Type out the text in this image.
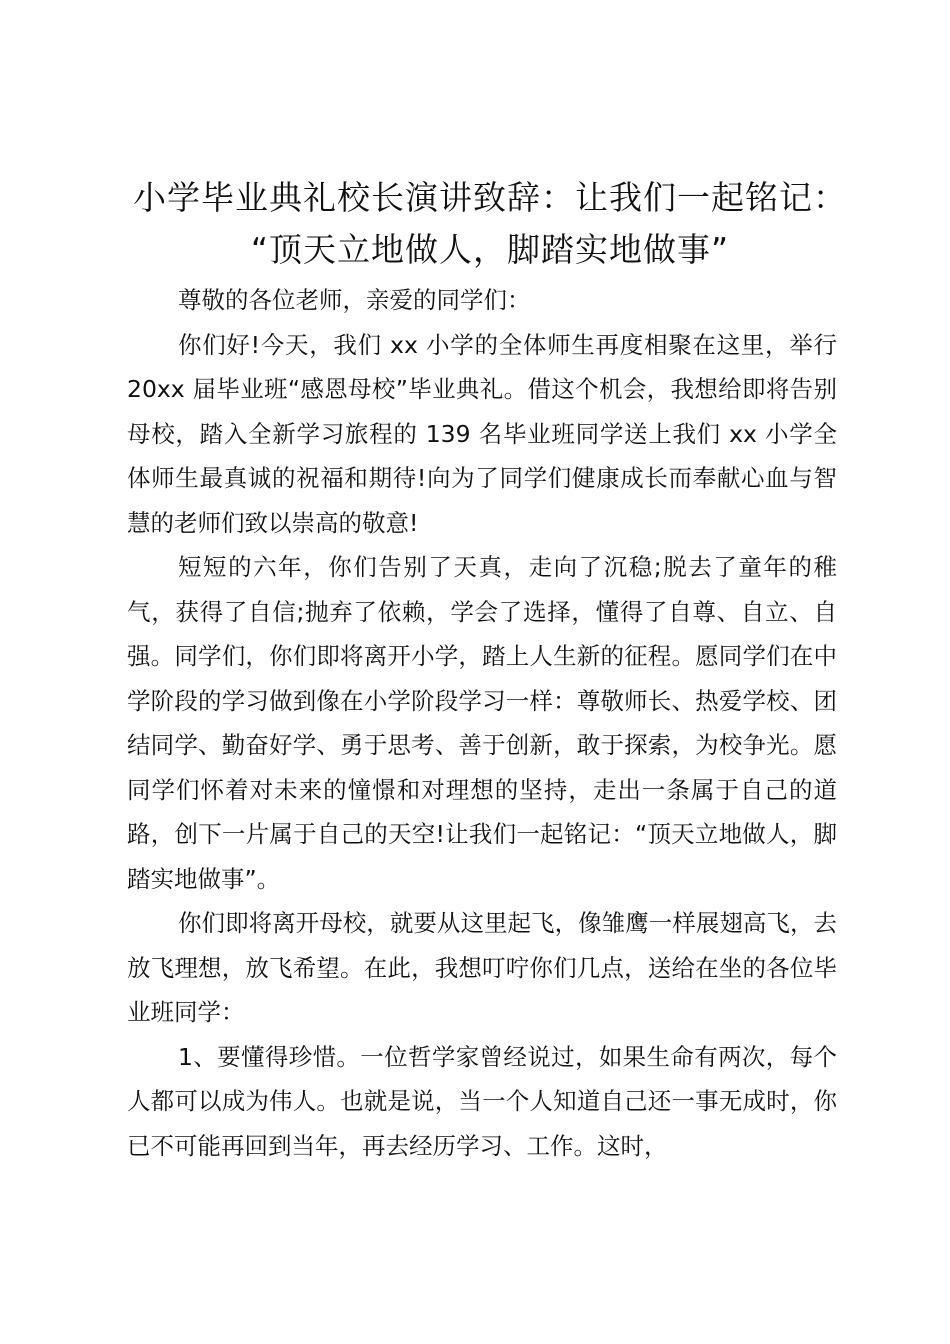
小学毕业典礼校长演讲致辞：让我们一起铭记：
“顶天立地做人，脚踏实地做事”

尊敬的各位老师，亲爱的同学们：

你们好!今天，我们 xx 小学的全体师生再度相聚在这里，举行 20xx 届毕业班“感恩母校”毕业典礼。借这个机会，我想给即将告别母校，踏入全新学习旅程的 139 名毕业班同学送上我们 xx 小学全体师生最真诚的祝福和期待!向为了同学们健康成长而奉献心血与智慧的老师们致以崇高的敬意!

短短的六年，你们告别了天真，走向了沉稳;脱去了童年的稚气，获得了自信;抛弃了依赖，学会了选择，懂得了自尊、自立、自强。同学们，你们即将离开小学，踏上人生新的征程。愿同学们在中学阶段的学习做到像在小学阶段学习一样：尊敬师长、热爱学校、团结同学、勤奋好学、勇于思考、善于创新，敢于探索，为校争光。愿同学们怀着对未来的憧憬和对理想的坚持，走出一条属于自己的道路，创下一片属于自己的天空!让我们一起铭记：“顶天立地做人，脚踏实地做事”。

你们即将离开母校，就要从这里起飞，像雏鹰一样展翅高飞，去放飞理想，放飞希望。在此，我想叮咛你们几点，送给在坐的各位毕业班同学：

1、要懂得珍惜。一位哲学家曾经说过，如果生命有两次，每个人都可以成为伟人。也就是说，当一个人知道自己还一事无成时，你已不可能再回到当年，再去经历学习、工作。这时，
